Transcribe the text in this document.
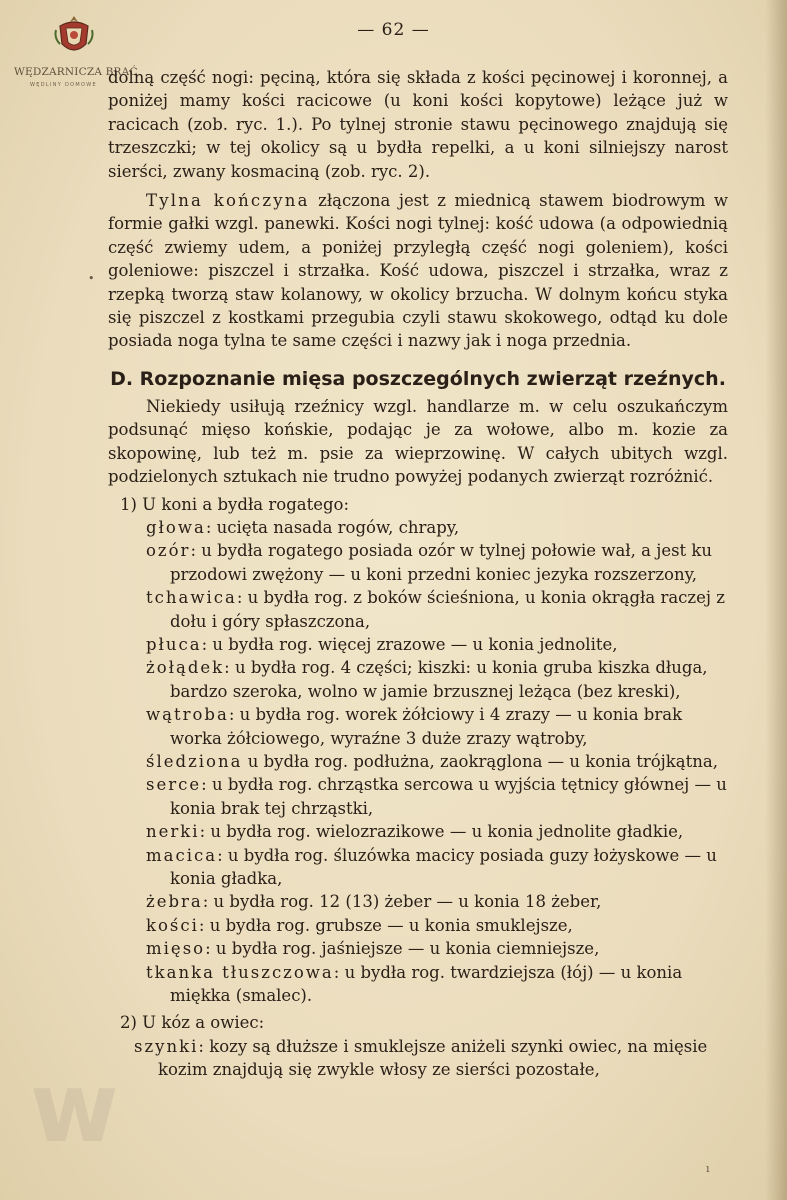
WĘDZARNICZA BRAĆ
WĘDLINY DOMOWE
— 62 —

dolną część nogi: pęciną, która się składa z kości pęcinowej i koronnej, a poniżej mamy kości racicowe (u koni kości kopytowe) leżące już w racicach (zob. ryc. 1.). Po tylnej stronie stawu pęcinowego znajdują się trzeszczki; w tej okolicy są u bydła repelki, a u koni silniejszy narost sierści, zwany kosmaciną (zob. ryc. 2).

Tylna kończyna złączona jest z miednicą stawem biodrowym w formie gałki wzgl. panewki. Kości nogi tylnej: kość udowa (a odpowiednią część zwiemy udem, a poniżej przyległą część nogi goleniem), kości goleniowe: piszczel i strzałka. Kość udowa, piszczel i strzałka, wraz z rzepką tworzą staw kolanowy, w okolicy brzucha. W dolnym końcu styka się piszczel z kostkami przegubia czyli stawu skokowego, odtąd ku dole posiada noga tylna te same części i nazwy jak i noga przednia.

D. Rozpoznanie mięsa poszczególnych zwierząt rzeźnych.

Niekiedy usiłują rzeźnicy wzgl. handlarze m. w celu oszukańczym podsunąć mięso końskie, podając je za wołowe, albo m. kozie za skopowinę, lub też m. psie za wieprzowinę. W całych ubitych wzgl. podzielonych sztukach nie trudno powyżej podanych zwierząt rozróżnić.

1) U koni a bydła rogatego:

głowa: ucięta nasada rogów, chrapy,

ozór: u bydła rogatego posiada ozór w tylnej połowie wał, a jest ku przodowi zwężony — u koni przedni koniec jezyka rozszerzony,

tchawica: u bydła rog. z boków ścieśniona, u konia okrągła raczej z dołu i góry spłaszczona,

płuca: u bydła rog. więcej zrazowe — u konia jednolite,

żołądek: u bydła rog. 4 części; kiszki: u konia gruba kiszka długa, bardzo szeroka, wolno w jamie brzusznej leżąca (bez kreski),

wątroba: u bydła rog. worek żółciowy i 4 zrazy — u konia brak worka żółciowego, wyraźne 3 duże zrazy wątroby,

śledziona u bydła rog. podłużna, zaokrąglona — u konia trójkątna,

serce: u bydła rog. chrząstka sercowa u wyjścia tętnicy głównej — u konia brak tej chrząstki,

nerki: u bydła rog. wielozrazikowe — u konia jednolite gładkie,

macica: u bydła rog. śluzówka macicy posiada guzy łożyskowe — u konia gładka,

żebra: u bydła rog. 12 (13) żeber — u konia 18 żeber,

kości: u bydła rog. grubsze — u konia smuklejsze,

mięso: u bydła rog. jaśniejsze — u konia ciemniejsze,

tkanka tłuszczowa: u bydła rog. twardziejsza (łój) — u konia miękka (smalec).

2) U kóz a owiec:

szynki: kozy są dłuższe i smuklejsze aniżeli szynki owiec, na mięsie kozim znajdują się zwykle włosy ze sierści pozostałe,

•
ı
